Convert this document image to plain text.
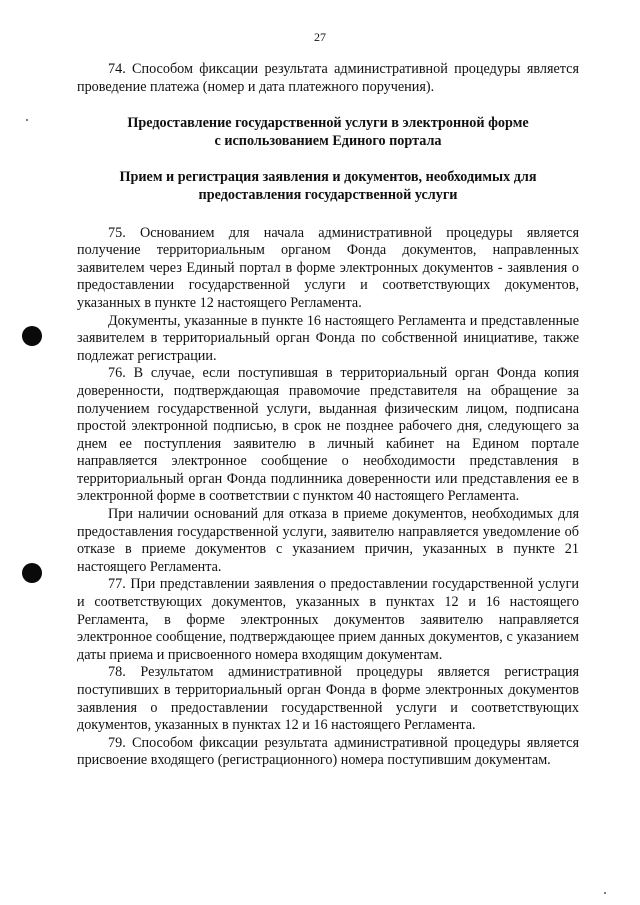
27

74. Способом фиксации результата административной процедуры является проведение платежа (номер и дата платежного поручения).

Предоставление государственной услуги в электронной форме

с использованием Единого портала

Прием и регистрация заявления и документов, необходимых для

предоставления государственной услуги

75. Основанием для начала административной процедуры является получение территориальным органом Фонда документов, направленных заявителем через Единый портал в форме электронных документов - заявления о предоставлении государственной услуги и соответствующих документов, указанных в пункте 12 настоящего Регламента.

Документы, указанные в пункте 16 настоящего Регламента и представленные заявителем в территориальный орган Фонда по собственной инициативе, также подлежат регистрации.

76. В случае, если поступившая в территориальный орган Фонда копия доверенности, подтверждающая правомочие представителя на обращение за получением государственной услуги, выданная физическим лицом, подписана простой электронной подписью, в срок не позднее рабочего дня, следующего за днем ее поступления заявителю в личный кабинет на Едином портале направляется электронное сообщение о необходимости представления в территориальный орган Фонда подлинника доверенности или представления ее в электронной форме в соответствии с пунктом 40 настоящего Регламента.

При наличии оснований для отказа в приеме документов, необходимых для предоставления государственной услуги, заявителю направляется уведомление об отказе в приеме документов с указанием причин, указанных в пункте 21 настоящего Регламента.

77. При представлении заявления о предоставлении государственной услуги и соответствующих документов, указанных в пунктах 12 и 16 настоящего Регламента, в форме электронных документов заявителю направляется электронное сообщение, подтверждающее прием данных документов, с указанием даты приема и присвоенного номера входящим документам.

78. Результатом административной процедуры является регистрация поступивших в территориальный орган Фонда в форме электронных документов заявления о предоставлении государственной услуги и соответствующих документов, указанных в пунктах 12 и 16 настоящего Регламента.

79. Способом фиксации результата административной процедуры является присвоение входящего (регистрационного) номера поступившим документам.
